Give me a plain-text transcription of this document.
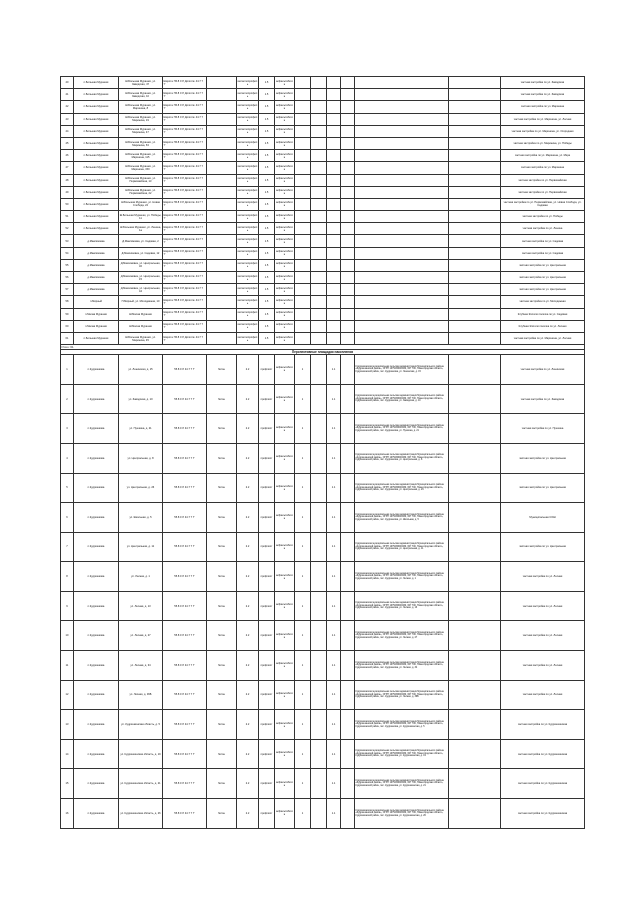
40	п.Большая Мурашки	Ш.Большая Мурашки, ул. Заводская, 47	Широта: 55.8 0 0' Долгота: 44.7 7 7'		металлопрофиль	1.5	асфальтобетон							частная застройка по ул. Заводская
41	п.Большая Мурашки	Ш.Большая Мурашки, ул. Заводская, 10	Широта: 55.8 0 0' Долгота: 44.7 7 7'		металлопрофиль	1.5	асфальтобетон							частная застройка по ул. Заводская
42	п.Большая Мурашки	Ш.Большая Мурашки, ул. Маринина, 8	Широта: 55.8 0 0' Долгота: 44.7 7 7'		металлопрофиль	1.5	асфальтобетон							частная застройка по ул. Маринина
43	п.Большая Мурашки	Ш.Большая Мурашки, ул. Маринина, 19	Широта: 55.8 0 0' Долгота: 44.7 7 7'		металлопрофиль	1.5	асфальтобетон							частная застройка по ул. Маринина, ул. Лесная
44	п.Большая Мурашки	Ш.Большая Мурашки, ул. Маринина, 47	Широта: 55.8 0 0' Долгота: 44.7 7 7'		металлопрофиль	1.5	асфальтобетон							частная застройка по ул. Маринина, ул. Огородная
45	п.Большая Мурашки	Ш.Большая Мурашки, ул. Маринина, 63	Широта: 55.8 0 0' Долгота: 44.7 7 7'		металлопрофиль	1.5	асфальтобетон							частная застройка по ул. Маринина, ул. Победы
46	п.Большая Мурашки	Ш.Большая Мурашки, ул. Маринина, 115	Широта: 55.8 0 0' Долгота: 44.7 7 7'		металлопрофиль	1.5	асфальтобетон							частная застройка по ул. Маринина, ул. Мира
47	п.Большая Мурашки	Ш.Большая Мурашки, ул. Маринина, 150	Широта: 55.8 0 0' Долгота: 44.7 7 7'		металлопрофиль	1.5	асфальтобетон							частная застройка по ул. Маринина
48	п.Большая Мурашки	Ш.Большая Мурашки, ул. Первомайская, 13	Широта: 55.8 0 0' Долгота: 44.7 7 7'		металлопрофиль	1.5	асфальтобетон							частная застройка по ул. Первомайская
49	п.Большая Мурашки	Ш.Большая Мурашки, ул. Первомайская, 22	Широта: 55.8 0 0' Долгота: 44.7 7 7'		металлопрофиль	1.5	асфальтобетон							частная застройка по ул. Первомайская
50	п.Большая Мурашки	Ш.Большая Мурашки, ул. Новая Слобода, 24	Широта: 55.8 0 0' Долгота: 44.7 7 7'		металлопрофиль	1.5	асфальтобетон							частная застройка по ул. Первомайская, ул. Новая Слобода, ул. Садовая
51	п.Большая Мурашки	Ш.Большая Мурашки, ул. Победы, 11	Широта: 55.8 0 0' Долгота: 44.7 7 7'		металлопрофиль	1.5	асфальтобетон							частная застройка по ул. Победы
52	п.Большая Мурашки	Ш.Большая Мурашки, ул. Ленина, 1а	Широта: 55.8 0 0' Долгота: 44.7 7 7'		металлопрофиль	1.5	асфальтобетон							частная застройка по ул. Ленина
53	д.Максимовка	Д.Максимовка, ул. Садовая, 2	Широта: 55.8 0 0' Долгота: 44.7 7 7'		металлопрофиль	1.5	асфальтобетон							частная застройка по ул. Садовая
54	д.Максимовка	Д.Максимовка, ул. Садовая, 12	Широта: 55.8 0 0' Долгота: 44.7 7 7'		металлопрофиль	1.5	асфальтобетон							частная застройка по ул. Садовая
55	д.Максимовка	Д.Максимовка, ул. Центральная, 32	Широта: 55.8 0 0' Долгота: 44.7 7 7'		металлопрофиль	1.5	асфальтобетон							частная застройка по ул. Центральная
56	д.Максимовка	Д.Максимовка, ул. Центральная, 15	Широта: 55.8 0 0' Долгота: 44.7 7 7'		металлопрофиль	1.5	асфальтобетон							частная застройка по ул. Центральная
57	д.Максимовка	Д.Максимовка, ул. Центральная, 44	Широта: 55.8 0 0' Долгота: 44.7 7 7'		металлопрофиль	1.5	асфальтобетон							частная застройка по ул. Центральная
58	п.Мирный	П.Мирный, ул. Молодежная, 10	Широта: 55.8 0 0' Долгота: 44.7 7 7'		металлопрофиль	1.5	асфальтобетон							частная застройка по ул. Молодежная
59	п.Малая Мурашки	Ш.Малая Мурашки	Широта: 55.8 0 0' Долгота: 44.7 7 7'		металлопрофиль	1.5	асфальтобетон							Клубная Жители поселка по ул. Садовая
60	п.Малая Мурашки	Ш.Малая Мурашки	Широта: 55.8 0 0' Долгота: 44.7 7 7'		металлопрофиль	1.5	асфальтобетон							Клубная Жители поселка по ул. Лесная
61	п.Большая Мурашки	Ш.Большая Мурашки, ул. Маринина, 45	Широта: 55.8 0 0' Долгота: 44.7 7 7'		металлопрофиль	1.5	асфальтобетон							частная застройка по ул. Маринина, ул. Лесная
Итого: 61														
Перспективные площадки накопления														
1	п.Кудряшкова	ул. Ленинская, д. 15	55.8 0 0' 44.7 7 7'	бетон	2.2	профлист	асфальтобетон	1		1.1		Кудряшкинская муниципальная сельская администрация Муниципального района «Кудряшкинский район», ОГРН 1075238000330, 607 700, Нижегородская область, Кудряшкинский район, пос. Кудряшкова, ул. Ленинская, д. 15		частная застройка по ул. Ленинская
2	п.Кудряшкова	ул. Заводская, д. 10	55.8 0 0' 44.7 7 7'	бетон	2.2	профлист	асфальтобетон	1		1.1		Кудряшкинская муниципальная сельская администрация Муниципального района «Кудряшкинский район», ОГРН 1075238000330, 607 700, Нижегородская область, Кудряшкинский район, пос. Кудряшкова, ул. Заводская, д. 10		частная застройка по ул. Заводская
3	п.Кудряшкова	ул. Пушкина, д. 21	55.8 0 0' 44.7 7 7'	бетон	2.2	профлист	асфальтобетон	1		1.1		Кудряшкинская муниципальная сельская администрация Муниципального района «Кудряшкинский район», ОГРН 1075238000330, 607 700, Нижегородская область, Кудряшкинский район, пос. Кудряшкова, ул. Пушкина, д. 21		частная застройка по ул. Пушкина
4	п.Кудряшкова	ул. Центральная, д. 8	55.8 0 0' 44.7 7 7'	бетон	2.2	профлист	асфальтобетон	1		1.1		Кудряшкинская муниципальная сельская администрация Муниципального района «Кудряшкинский район», ОГРН 1075238000330, 607 700, Нижегородская область, Кудряшкинский район, пос. Кудряшкова, ул. Центральная, д. 8		частная застройка по ул. Центральная
5	п.Кудряшкова	ул. Центральная, д. 26	55.8 0 0' 44.7 7 7'	бетон	2.2	профлист	асфальтобетон	1		1.1		Кудряшкинская муниципальная сельская администрация Муниципального района «Кудряшкинский район», ОГРН 1075238000330, 607 700, Нижегородская область, Кудряшкинский район, пос. Кудряшкова, ул. Центральная, д. 26		частная застройка по ул. Центральная
6	п.Кудряшкова	ул. Школьная, д. 5	55.8 0 0' 44.7 7 7'	бетон	2.2	профлист	асфальтобетон	1		1.1		Кудряшкинская муниципальная сельская администрация Муниципального района «Кудряшкинский район», ОГРН 1075238000330, 607 700, Нижегородская область, Кудряшкинский район, пос. Кудряшкова, ул. Школьная, д. 5		Муниципальная СОШ
7	п.Кудряшкова	ул. Центральная, д. 11	55.8 0 0' 44.7 7 7'	бетон	2.2	профлист	асфальтобетон	1		1.1		Кудряшкинская муниципальная сельская администрация Муниципального района «Кудряшкинский район», ОГРН 1075238000330, 607 700, Нижегородская область, Кудряшкинский район, пос. Кудряшкова, ул. Центральная, д. 11		частная застройка по ул. Центральная
8	п.Кудряшкова	ул. Лесная, д. 1	55.8 0 0' 44.7 7 7'	бетон	2.2	профлист	асфальтобетон	1		1.1		Кудряшкинская муниципальная сельская администрация Муниципального района «Кудряшкинский район», ОГРН 1075238000330, 607 700, Нижегородская область, Кудряшкинский район, пос. Кудряшкова, ул. Лесная, д. 1		частная застройка по ул. Лесная
9	п.Кудряшкова	ул. Лесная, д. 13	55.8 0 0' 44.7 7 7'	бетон	2.2	профлист	асфальтобетон	1		1.1		Кудряшкинская муниципальная сельская администрация Муниципального района «Кудряшкинский район», ОГРН 1075238000330, 607 700, Нижегородская область, Кудряшкинский район, пос. Кудряшкова, ул. Лесная, д. 13		частная застройка по ул. Лесная
10	п.Кудряшкова	ул. Лесная, д. 27	55.8 0 0' 44.7 7 7'	бетон	2.2	профлист	асфальтобетон	1		1.1		Кудряшкинская муниципальная сельская администрация Муниципального района «Кудряшкинский район», ОГРН 1075238000330, 607 700, Нижегородская область, Кудряшкинский район, пос. Кудряшкова, ул. Лесная, д. 27		частная застройка по ул. Лесная
11	п.Кудряшкова	ул. Лесная, д. 34	55.8 0 0' 44.7 7 7'	бетон	2.2	профлист	асфальтобетон	1		1.1		Кудряшкинская муниципальная сельская администрация Муниципального района «Кудряшкинский район», ОГРН 1075238000330, 607 700, Нижегородская область, Кудряшкинский район, пос. Кудряшкова, ул. Лесная, д. 34		частная застройка по ул. Лесная
12	п.Кудряшкова	ул. Лесная, д. 39Б	55.8 0 0' 44.7 7 7'	бетон	2.2	профлист	асфальтобетон	1		1.1		Кудряшкинская муниципальная сельская администрация Муниципального района «Кудряшкинский район», ОГРН 1075238000330, 607 700, Нижегородская область, Кудряшкинский район, пос. Кудряшкова, ул. Лесная, д. 39Б		частная застройка по ул. Лесная
13	п.Кудряшкова	ул. Кудряшкинская область, д. 5	55.8 0 0' 44.7 7 7'	бетон	2.2	профлист	асфальтобетон	1		1.1		Кудряшкинская муниципальная сельская администрация Муниципального района «Кудряшкинский район», ОГРН 1075238000330, 607 700, Нижегородская область, Кудряшкинский район, пос. Кудряшкова, ул. Кудряшкинская, д. 5		частная застройка по ул. Кудряшкинская
14	п.Кудряшкова	ул. Кудряшкинская область, д. 19	55.8 0 0' 44.7 7 7'	бетон	2.2	профлист	асфальтобетон	1		1.1		Кудряшкинская муниципальная сельская администрация Муниципального района «Кудряшкинский район», ОГРН 1075238000330, 607 700, Нижегородская область, Кудряшкинский район, пос. Кудряшкова, ул. Кудряшкинская, д. 19		частная застройка по ул. Кудряшкинская
15	п.Кудряшкова	ул. Кудряшкинская область, д. 21	55.8 0 0' 44.7 7 7'	бетон	2.2	профлист	асфальтобетон	1		1.1		Кудряшкинская муниципальная сельская администрация Муниципального района «Кудряшкинский район», ОГРН 1075238000330, 607 700, Нижегородская область, Кудряшкинский район, пос. Кудряшкова, ул. Кудряшкинская, д. 21		частная застройка по ул. Кудряшкинская
16	п.Кудряшкова	ул. Кудряшкинская область, д. 26	55.8 0 0' 44.7 7 7'	бетон	2.2	профлист	асфальтобетон	1		1.1		Кудряшкинская муниципальная сельская администрация Муниципального района «Кудряшкинский район», ОГРН 1075238000330, 607 700, Нижегородская область, Кудряшкинский район, пос. Кудряшкова, ул. Кудряшкинская, д. 26		частная застройка по ул. Кудряшкинская
